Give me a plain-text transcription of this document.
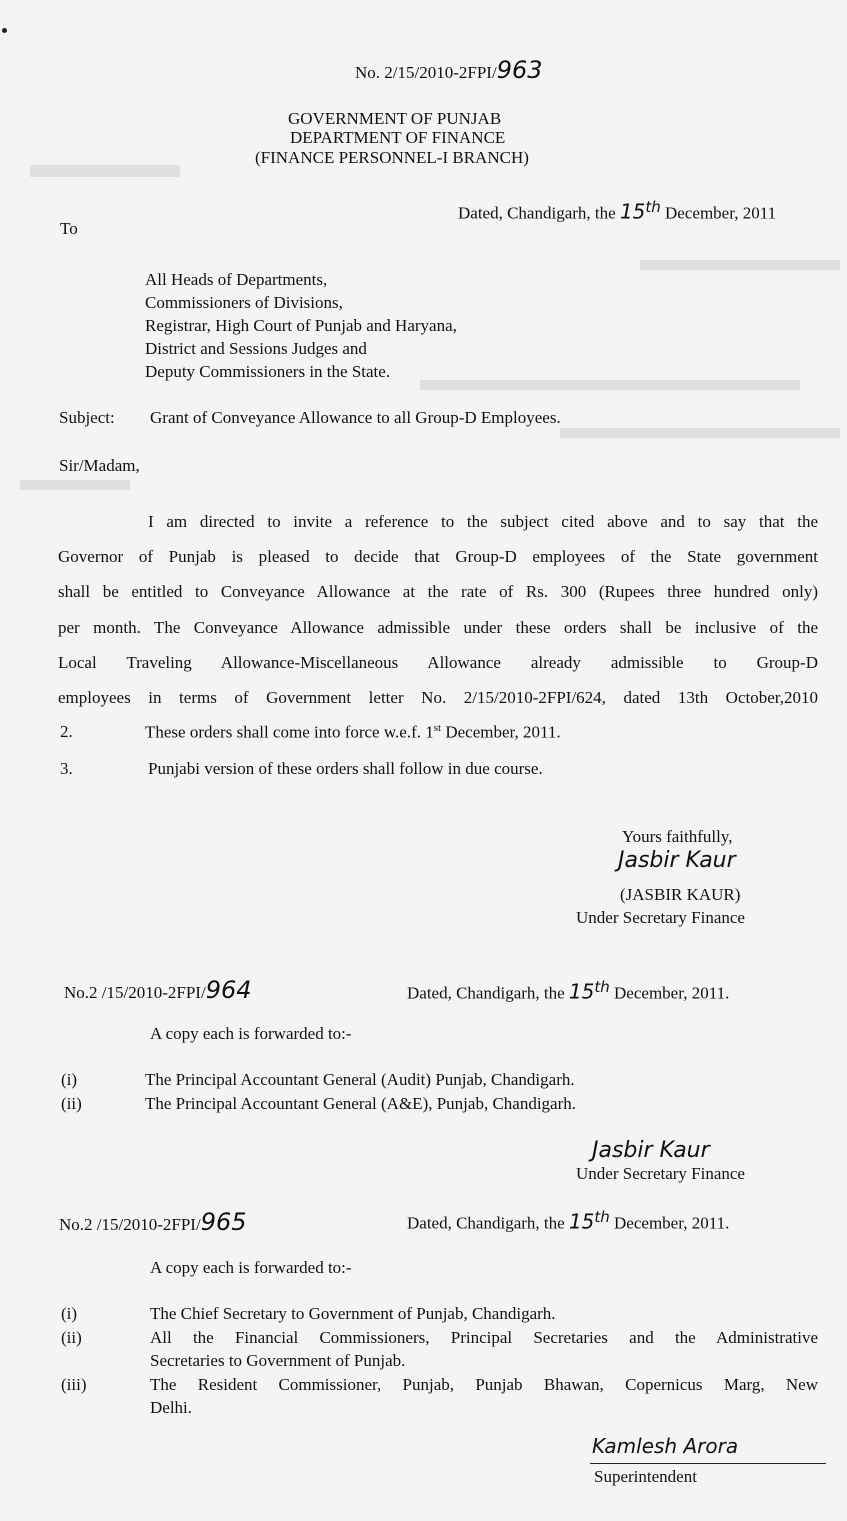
No. 2/15/2010-2FPI/963
GOVERNMENT OF PUNJAB
DEPARTMENT OF FINANCE
(FINANCE PERSONNEL-I BRANCH)
Dated, Chandigarh, the 15th December, 2011
To
All Heads of Departments,
Commissioners of Divisions,
Registrar, High Court of Punjab and Haryana,
District and Sessions Judges and
Deputy Commissioners in the State.
Subject: Grant of Conveyance Allowance to all Group-D Employees.
Sir/Madam,
I am directed to invite a reference to the subject cited above and to say that the
Governor of Punjab is pleased to decide that Group-D employees of the State government
shall be entitled to Conveyance Allowance at the rate of Rs. 300 (Rupees three hundred only)
per month. The Conveyance Allowance admissible under these orders shall be inclusive of the
Local Traveling Allowance-Miscellaneous Allowance already admissible to Group-D
employees in terms of Government letter No. 2/15/2010-2FPI/624, dated 13th October,2010
2.	These orders shall come into force w.e.f. 1st December, 2011.
3.	Punjabi version of these orders shall follow in due course.
Yours faithfully,
Jasbir Kaur
(JASBIR KAUR)
Under Secretary Finance
No.2 /15/2010-2FPI/964	Dated, Chandigarh, the 15th December, 2011.
A copy each is forwarded to:-
(i)	The Principal Accountant General (Audit) Punjab, Chandigarh.
(ii)	The Principal Accountant General (A&E), Punjab, Chandigarh.
Jasbir Kaur
Under Secretary Finance
No.2 /15/2010-2FPI/965	Dated, Chandigarh, the 15th December, 2011.
A copy each is forwarded to:-
(i)	The Chief Secretary to Government of Punjab, Chandigarh.
(ii)	All the Financial Commissioners, Principal Secretaries and the Administrative
Secretaries to Government of Punjab.
(iii)	The Resident Commissioner, Punjab, Punjab Bhawan, Copernicus Marg, New
Delhi.
Kamlesh Arora
Superintendent
